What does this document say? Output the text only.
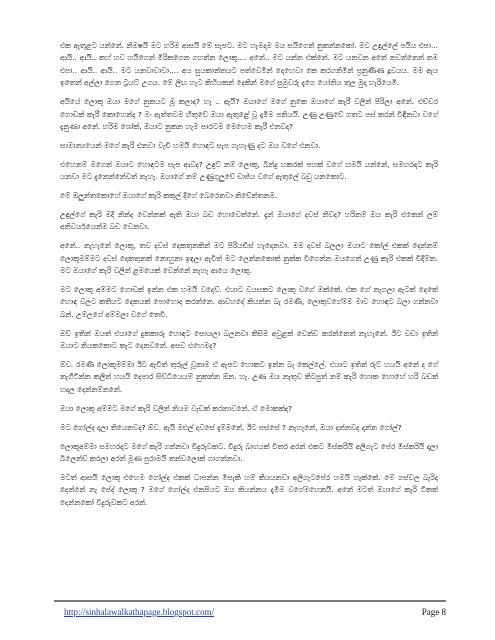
එක ඇතුළට යන්නේ. නිමෂයි මට හරිම ආසයි මේ සැපට. මට හැමදාම මය සයිගෙන් නුකන්නකෝ. මට උඳුල්ලේ පයිය එපා... ආයි.. ආයි.. කහ් හව හයිගෙන් මිරිකගෙන ගහන්න ලොකූ.... අනේ.. මට යන්න එක්නේ. මට යනවන අනේ නවන්නෙන් නම එපා.. ආයි.. ආයි.. මට යනවාවාවා.... අය සුයකාන්තයට පත්වෙමින් දෙහෙවා කෙ කරගනිමින් ප්‍රනුණිණ දූවයය. මම ඇය ඉතෙන් අල්ලා ගෙන ට්‍රයට් උගය. මේ ලිඟ හැට කිහියකන් දෙකින් මගේ සුමුවරු දැගෙ යෝනිය තුල මුදා හැරියෙමි.

අයියේ ලොකූ ඔයා මගේ නුකයට මූ කලාද? හැ .. ඇයි? ඔයාගේ මගේ නුකෙ ඔයාගේ කැරී වලින් පිරිලා අනේ. එච්චර ගොඩක් කැරී කොහෙන්ද ? මං ඇත්තටම හිතුවේ ඔයා ඇතුළේ වූ දෑමීම පනියයි. උණු උණුවේ ගතට පස් කරන් විඳිනවා වගේ දැනුණා අනේ. හරිම ශෝක්, ඔයාට නුකන හැම පාරටම මෙහෙම කැරී එනවද?

සාමාන්‍යයෙන් මගේ කැරි එනවා වැඩි හමයි හොඳට සැප ගැහැණු දට ඔය වගේ එනවා.

එහෙනම් මගෙන් ඔයාට හොඳටම සැප ආවද? උඳුට් නම් ලොකූ, බින්දු හකරක් පහක් වගේ හමයි යන්නේ, සමහරදාට කැරි යනවා මට දැනෙන්නේවත් නැහැ. ඔයාගේ නම් උණුගුලුවේ චාජ්ය වගේ ඇතුලේ බඩු යනකොට.

මේ ඔලුන්තකොහේ ඔයාගේ කැරි කකුල් දිගේ බෙරෙනවා නිවේන්තනම.

උඳුල්ගේ කැරි මදි නින්ද වෙන්නක් ඇති ඔයා බඩ හොවෙත්නේ. දැන් ඔයාගේ දවස් නිවද? හරිනම් ඔය කැරි එකෙන් ලම් අනිවර්යයෙන්ම බඩ වෙනවා.

අනේ.. නැහැනේ ලොකූ, තව දවස් දෙකතුනකින් මට පිරියඩිස් හැදෙනවා. මම දවස් බලලා ඔයාට කෝල් එකක් දෙන්නම් ලොකූමම්මට දවස් දෙකතුනක් නොහුනා ඉඳලා ඇවිත් මට ලෙන්නකොක් නුක්ක විගෙන්න ඔයගෙන් උණු කැරි එකක් විදිම්න. මට ඔයාගේ කැරි වලින් ළමයෙක් වෙන්නේ නැහැ ආයෙ ලොකූ.

මට ලොකූ අම්මට ගොඩක් ඉන්න එක හමයි වදෙව්. එයාට වයසකට ලොකු වගේ ඔක්කේ. එක ගේ නැගලා ඇටක් දෙකේ හොඳ වලට කතියට දෙකයක් පොහොද කරන්නෙ. ආවහදේ කියන්න බැ රමණී, ලොකුවගේම්ම මාව හොඳට බලා ගන්නවා බන්. උම්ලගේ අම්මලා වගේ තෙවි.

ඔව් ඉතින් ඔයත් එයාගේ දුකකාරු හොඳට සොයලා බලනවා කිසිම අවුළක් වෙන්ඩ කරන්නෙත් නැහැනේ. ඊට වඩා ඉතින් ඔයාට නියකකොට කැට දෙනවනේ. අසව එහෙමද?

ඕව. රමණී ලොකූමම්මා ඊට ඇවිත් තුරුල් වූනාම ඒ ඇපට හොකට ඉන්න බැ කෙල්ලේ. එයාට ඉතින් රුට් හයයි අනේ ද ගේ නැගිටින්න කලින් හයයි දෙපාර සිව්ධියෙයම් නුකන්න ඕන. හැ. උණ ඔය නැතුව කිටපුත් නම් කැරි හොක හොහේ හරි බඩක් හදල දෙන්නම්නනේ.

ඔයා ලොකූ අම්මට මගේ කැරි වලින් නියම වැඩක් කරනාවනේ. ඒ මොකක්ද?

මට ගෝල්ද දාලා තියෙනවද? ඕව. ඇයි මළුල් දවසේ දැම්මනේ. ඊට පස්සේ ? නැහැනේ, ඔයා දන්නවද දාන්න ගෝල්?

ලොකූඅම්මා සමහරදාට මගේ කැරි ගන්නවා විදුරුවකට. විදුරු බාගයක් විතර අරන් එකට මිස්කරියි අලිගැට පේර මිස්කරියි දාලා බිලෙන්ඩ් කරලා අරන් මූණ පුරාමයි තන්වලොක් ගාගන්නවා.

මටත් ආසයි ලොකූ එහෙම ගෝල්ද එකක් ධාපන්න මිසැකි හම් කියයනවා අලිගැටපේර හමයි හැක්කේ. මේ ගස්වල බැරිද දෙන්නේ නැ පේද් ලොකූ ? මගේ ගෝල්ද එනපියට ඔය කියන්නය දැමීම වගේමහෙනයි. අනේ මටත් ඔයාගේ කැරි ටිකක් දෙන්නකෝ විදුරුවකට අරන්.

http://sinhalawalkathapage.blogspot.com/	Page 8
